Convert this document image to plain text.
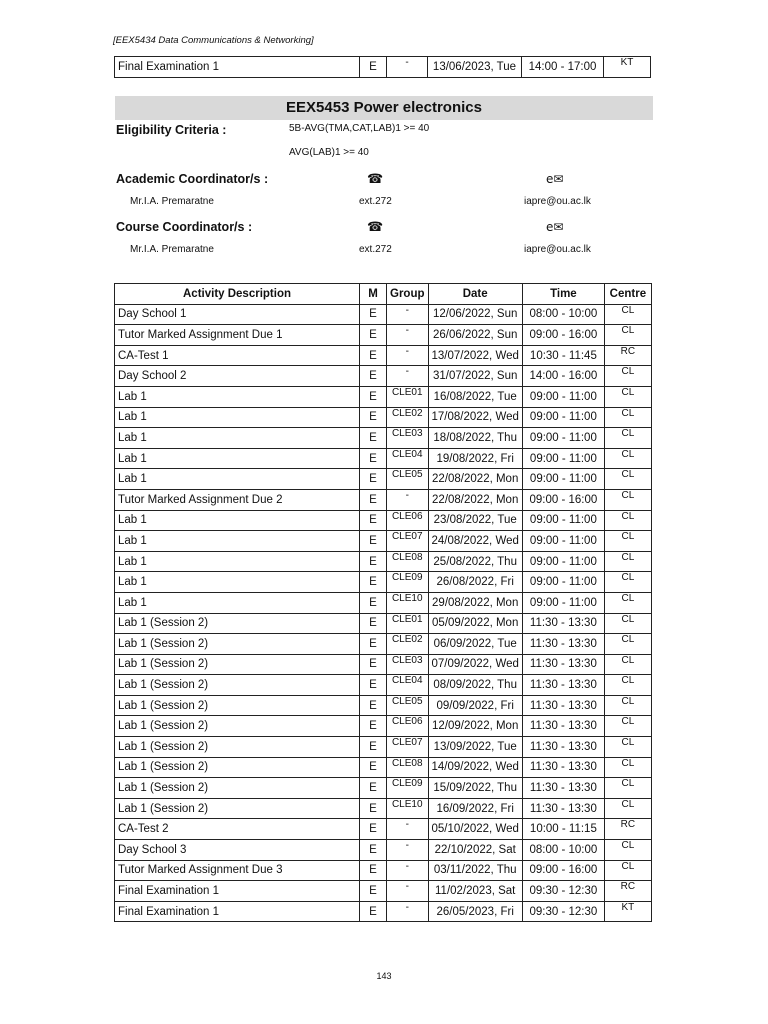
[EEX5434 Data Communications & Networking]
Final Examination 1	E	-	13/06/2023, Tue	14:00 - 17:00	KT
EEX5453 Power electronics
Eligibility Criteria :	5B-AVG(TMA,CAT,LAB)1 >= 40
AVG(LAB)1 >= 40
Academic Coordinator/s :	☎	e✉
Mr.I.A. Premaratne	ext.272	iapre@ou.ac.lk
Course Coordinator/s :	☎	e✉
Mr.I.A. Premaratne	ext.272	iapre@ou.ac.lk
Activity Description	M	Group	Date	Time	Centre
Day School 1	E	-	12/06/2022, Sun	08:00 - 10:00	CL
Tutor Marked Assignment Due 1	E	-	26/06/2022, Sun	09:00 - 16:00	CL
CA-Test 1	E	-	13/07/2022, Wed	10:30 - 11:45	RC
Day School 2	E	-	31/07/2022, Sun	14:00 - 16:00	CL
Lab 1	E	CLE01	16/08/2022, Tue	09:00 - 11:00	CL
Lab 1	E	CLE02	17/08/2022, Wed	09:00 - 11:00	CL
Lab 1	E	CLE03	18/08/2022, Thu	09:00 - 11:00	CL
Lab 1	E	CLE04	19/08/2022, Fri	09:00 - 11:00	CL
Lab 1	E	CLE05	22/08/2022, Mon	09:00 - 11:00	CL
Tutor Marked Assignment Due 2	E	-	22/08/2022, Mon	09:00 - 16:00	CL
Lab 1	E	CLE06	23/08/2022, Tue	09:00 - 11:00	CL
Lab 1	E	CLE07	24/08/2022, Wed	09:00 - 11:00	CL
Lab 1	E	CLE08	25/08/2022, Thu	09:00 - 11:00	CL
Lab 1	E	CLE09	26/08/2022, Fri	09:00 - 11:00	CL
Lab 1	E	CLE10	29/08/2022, Mon	09:00 - 11:00	CL
Lab 1 (Session 2)	E	CLE01	05/09/2022, Mon	11:30 - 13:30	CL
Lab 1 (Session 2)	E	CLE02	06/09/2022, Tue	11:30 - 13:30	CL
Lab 1 (Session 2)	E	CLE03	07/09/2022, Wed	11:30 - 13:30	CL
Lab 1 (Session 2)	E	CLE04	08/09/2022, Thu	11:30 - 13:30	CL
Lab 1 (Session 2)	E	CLE05	09/09/2022, Fri	11:30 - 13:30	CL
Lab 1 (Session 2)	E	CLE06	12/09/2022, Mon	11:30 - 13:30	CL
Lab 1 (Session 2)	E	CLE07	13/09/2022, Tue	11:30 - 13:30	CL
Lab 1 (Session 2)	E	CLE08	14/09/2022, Wed	11:30 - 13:30	CL
Lab 1 (Session 2)	E	CLE09	15/09/2022, Thu	11:30 - 13:30	CL
Lab 1 (Session 2)	E	CLE10	16/09/2022, Fri	11:30 - 13:30	CL
CA-Test 2	E	-	05/10/2022, Wed	10:00 - 11:15	RC
Day School 3	E	-	22/10/2022, Sat	08:00 - 10:00	CL
Tutor Marked Assignment Due 3	E	-	03/11/2022, Thu	09:00 - 16:00	CL
Final Examination 1	E	-	11/02/2023, Sat	09:30 - 12:30	RC
Final Examination 1	E	-	26/05/2023, Fri	09:30 - 12:30	KT
143
